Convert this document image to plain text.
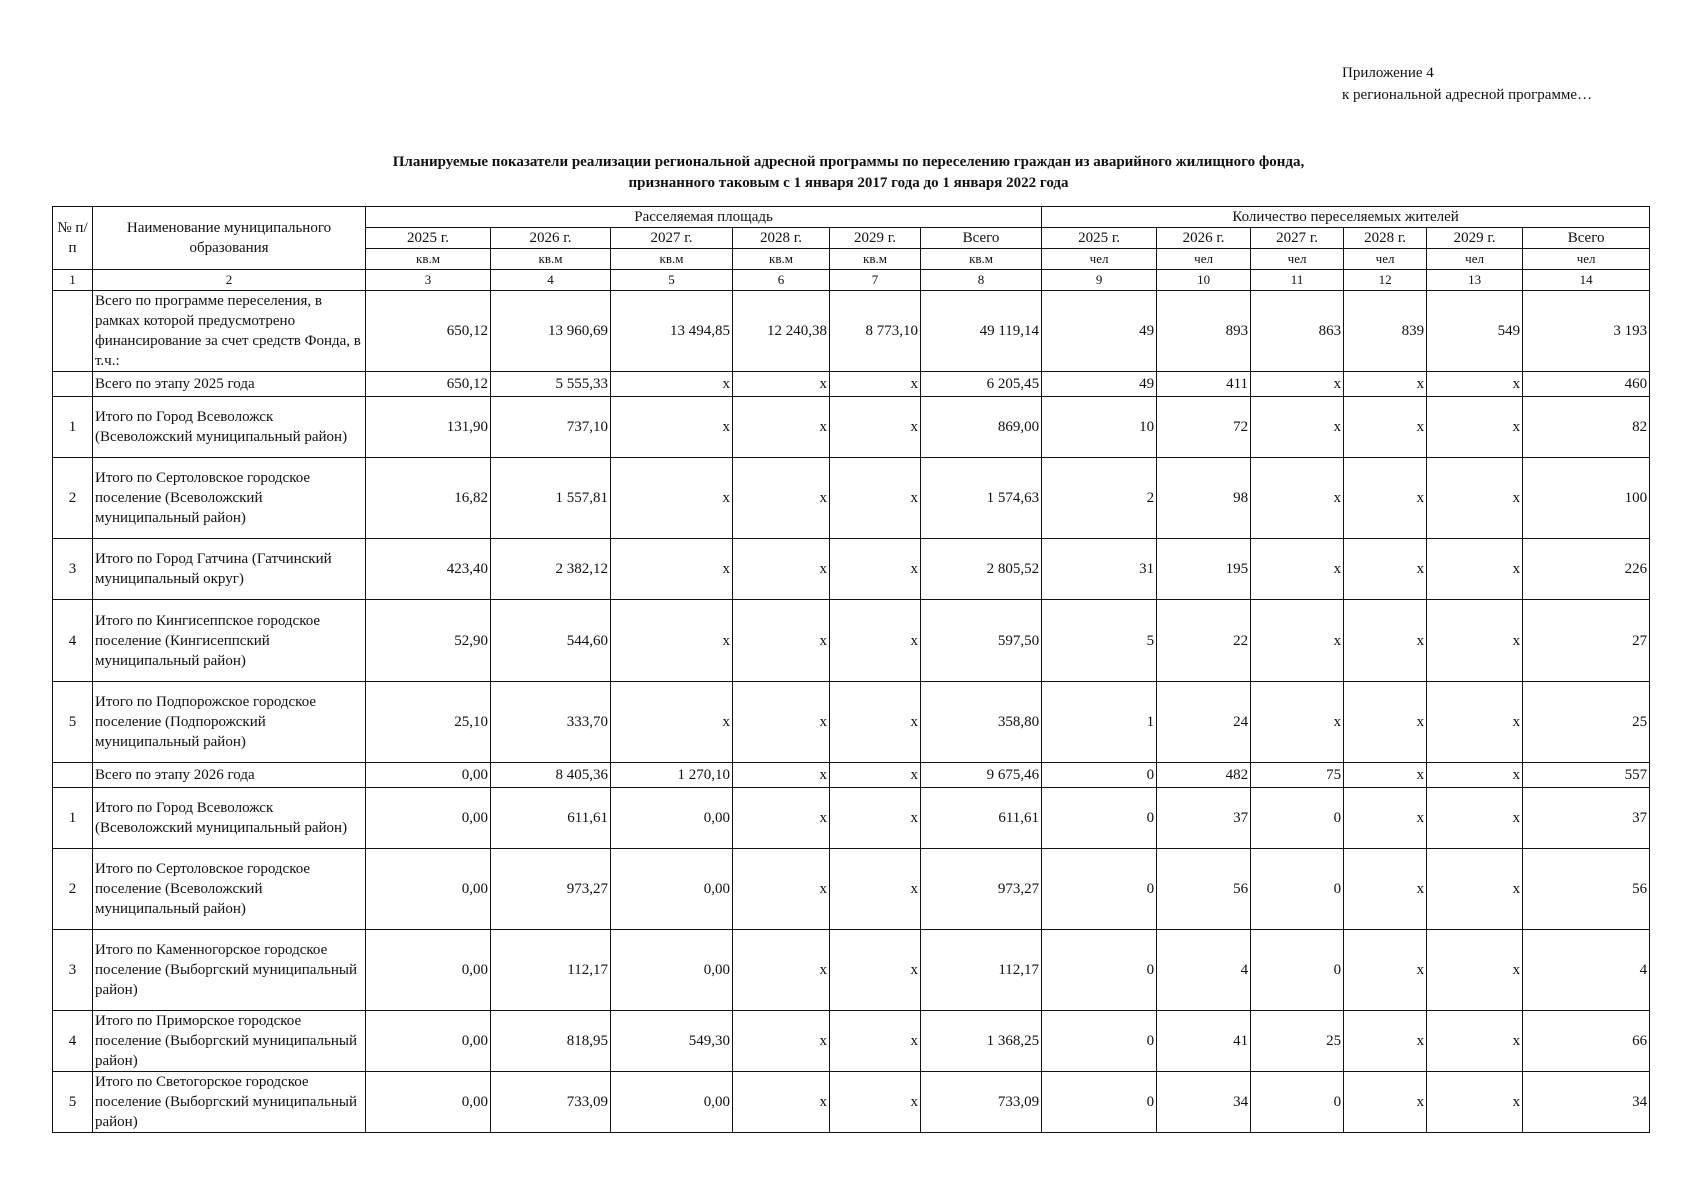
Приложение 4
к региональной адресной программе…
Планируемые показатели реализации региональной адресной программы по переселению граждан из аварийного жилищного фонда,
признанного таковым с 1 января 2017 года до 1 января 2022 года
№ п/п	Наименование муниципального образования	Расселяемая площадь						Количество переселяемых жителей					
		2025 г.	2026 г.	2027 г.	2028 г.	2029 г.	Всего	2025 г.	2026 г.	2027 г.	2028 г.	2029 г.	Всего
		кв.м	кв.м	кв.м	кв.м	кв.м	кв.м	чел	чел	чел	чел	чел	чел
1	2	3	4	5	6	7	8	9	10	11	12	13	14
	Всего по программе переселения, в рамках которой предусмотрено финансирование за счет средств Фонда, в т.ч.:	650,12	13 960,69	13 494,85	12 240,38	8 773,10	49 119,14	49	893	863	839	549	3 193
	Всего по этапу 2025 года	650,12	5 555,33	х	х	х	6 205,45	49	411	х	х	х	460
1	Итого по Город Всеволожск (Всеволожский муниципальный район)	131,90	737,10	х	х	х	869,00	10	72	х	х	х	82
2	Итого по Сертоловское городское поселение (Всеволожский муниципальный район)	16,82	1 557,81	х	х	х	1 574,63	2	98	х	х	х	100
3	Итого по Город Гатчина (Гатчинский муниципальный округ)	423,40	2 382,12	х	х	х	2 805,52	31	195	х	х	х	226
4	Итого по Кингисеппское городское поселение (Кингисеппский муниципальный район)	52,90	544,60	х	х	х	597,50	5	22	х	х	х	27
5	Итого по Подпорожское городское поселение (Подпорожский муниципальный район)	25,10	333,70	х	х	х	358,80	1	24	х	х	х	25
	Всего по этапу 2026 года	0,00	8 405,36	1 270,10	х	х	9 675,46	0	482	75	х	х	557
1	Итого по Город Всеволожск (Всеволожский муниципальный район)	0,00	611,61	0,00	х	х	611,61	0	37	0	х	х	37
2	Итого по Сертоловское городское поселение (Всеволожский муниципальный район)	0,00	973,27	0,00	х	х	973,27	0	56	0	х	х	56
3	Итого по Каменногорское городское поселение (Выборгский муниципальный район)	0,00	112,17	0,00	х	х	112,17	0	4	0	х	х	4
4	Итого по Приморское городское поселение (Выборгский муниципальный район)	0,00	818,95	549,30	х	х	1 368,25	0	41	25	х	х	66
5	Итого по Светогорское городское поселение (Выборгский муниципальный район)	0,00	733,09	0,00	х	х	733,09	0	34	0	х	х	34
